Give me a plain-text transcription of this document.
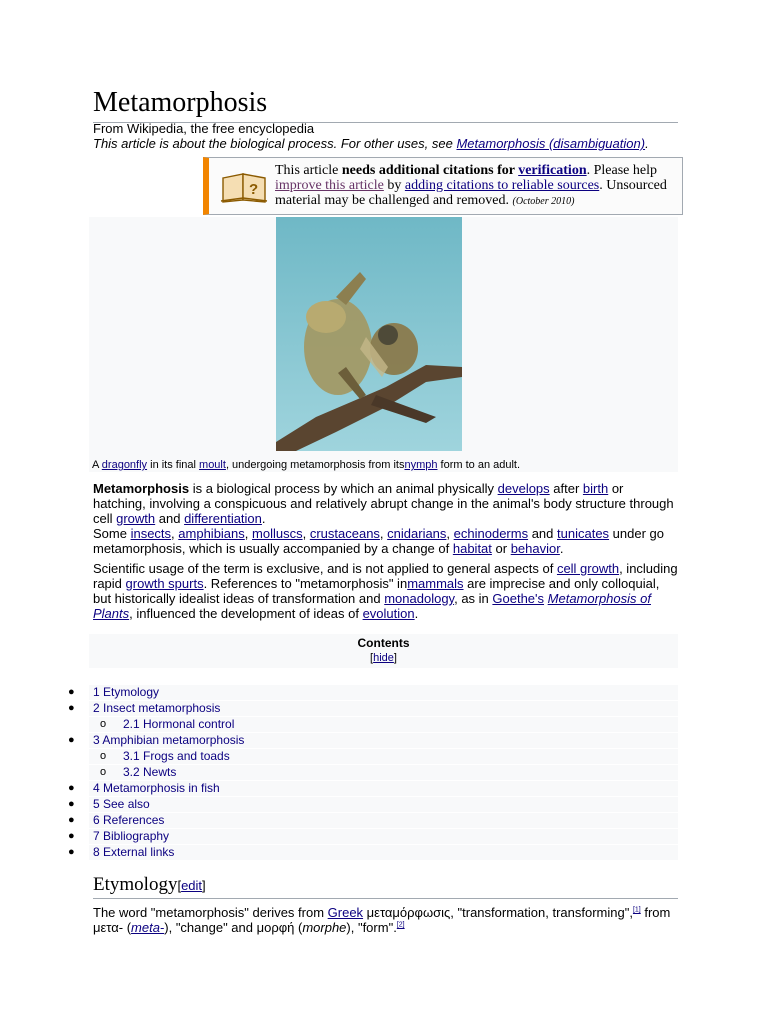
Metamorphosis
From Wikipedia, the free encyclopedia
This article is about the biological process. For other uses, see Metamorphosis (disambiguation).
?
This article needs additional citations for verification. Please help improve this article by adding citations to reliable sources. Unsourced material may be challenged and removed. (October 2010)
A dragonfly in its final moult, undergoing metamorphosis from itsnymph form to an adult.
Metamorphosis is a biological process by which an animal physically develops after birth or hatching, involving a conspicuous and relatively abrupt change in the animal's body structure through cell growth and differentiation.
Some insects, amphibians, molluscs, crustaceans, cnidarians, echinoderms and tunicates under go metamorphosis, which is usually accompanied by a change of habitat or behavior.
Scientific usage of the term is exclusive, and is not applied to general aspects of cell growth, including rapid growth spurts. References to "metamorphosis" inmammals are imprecise and only colloquial, but historically idealist ideas of transformation and monadology, as in Goethe's Metamorphosis of Plants, influenced the development of ideas of evolution.
Contents
[hide]
● 1 Etymology
● 2 Insect metamorphosis
o 2.1 Hormonal control
● 3 Amphibian metamorphosis
o 3.1 Frogs and toads
o 3.2 Newts
● 4 Metamorphosis in fish
● 5 See also
● 6 References
● 7 Bibliography
● 8 External links
Etymology[edit]
The word "metamorphosis" derives from Greek μεταμόρφωσις, "transformation, transforming",[1] from μετα- (meta-), "change" and μορφή (morphe), "form".[2]
